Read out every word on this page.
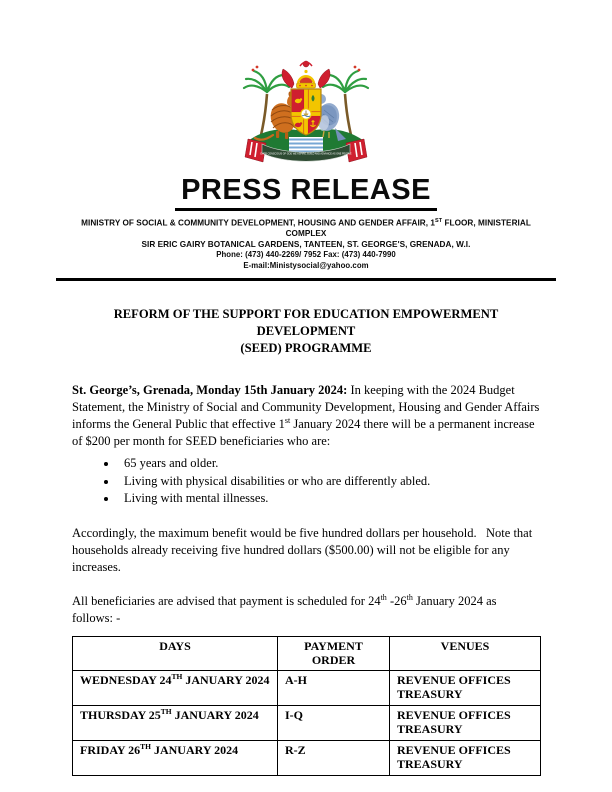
EVER CONSCIOUS OF GOD WE ASPIRE, BUILD AND ADVANCE AS ONE PEOPLE
PRESS RELEASE
MINISTRY OF SOCIAL & COMMUNITY DEVELOPMENT, HOUSING AND GENDER AFFAIR, 1ST FLOOR, MINISTERIAL COMPLEX
SIR ERIC GAIRY BOTANICAL GARDENS, TANTEEN, ST. GEORGE'S, GRENADA, W.I.
Phone: (473) 440-2269/ 7952 Fax: (473) 440-7990
E-mail:Ministysocial@yahoo.com
REFORM OF THE SUPPORT FOR EDUCATION EMPOWERMENT DEVELOPMENT
(SEED) PROGRAMME

St. George’s, Grenada, Monday 15th January 2024: In keeping with the 2024 Budget Statement, the Ministry of Social and Community Development, Housing and Gender Affairs informs the General Public that effective 1st January 2024 there will be a permanent increase of $200 per month for SEED beneficiaries who are:

• 65 years and older.
• Living with physical disabilities or who are differently abled.
• Living with mental illnesses.

Accordingly, the maximum benefit would be five hundred dollars per household.   Note that households already receiving five hundred dollars ($500.00) will not be eligible for any increases.

All beneficiaries are advised that payment is scheduled for 24th -26th January 2024 as follows: -

DAYS	PAYMENT ORDER	VENUES
WEDNESDAY 24TH JANUARY 2024	A-H	REVENUE OFFICES
TREASURY

THURSDAY 25TH JANUARY 2024	I-Q	REVENUE OFFICES
TREASURY

FRIDAY 26TH JANUARY 2024	R-Z	REVENUE OFFICES
TREASURY
